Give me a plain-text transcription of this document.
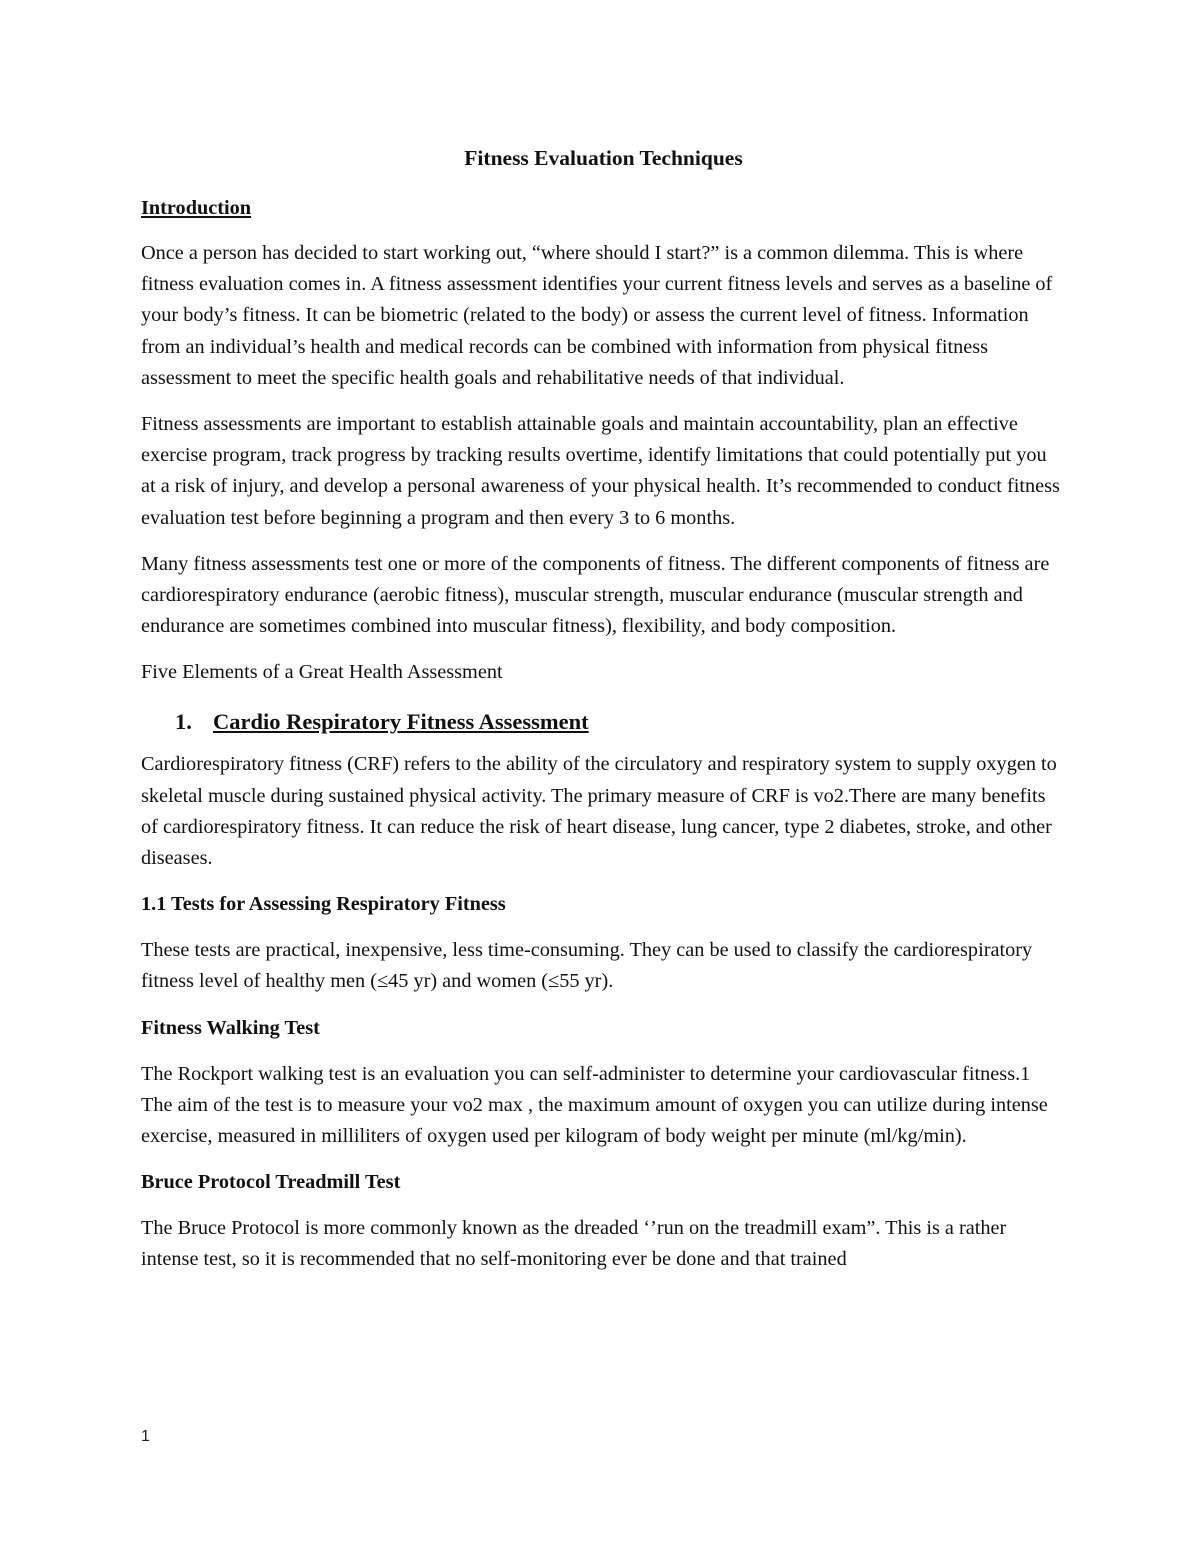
Fitness Evaluation Techniques
Introduction

Once a person has decided to start working out, “where should I start?” is a common dilemma. This is where fitness evaluation comes in. A fitness assessment identifies your current fitness levels and serves as a baseline of your body’s fitness. It can be biometric (related to the body) or assess the current level of fitness. Information from an individual’s health and medical records can be combined with information from physical fitness assessment to meet the specific health goals and rehabilitative needs of that individual.

Fitness assessments are important to establish attainable goals and maintain accountability, plan an effective exercise program, track progress by tracking results overtime, identify limitations that could potentially put you at a risk of injury, and develop a personal awareness of your physical health. It’s recommended to conduct fitness evaluation test before beginning a program and then every 3 to 6 months.

Many fitness assessments test one or more of the components of fitness. The different components of fitness are cardiorespiratory endurance (aerobic fitness), muscular strength, muscular endurance (muscular strength and endurance are sometimes combined into muscular fitness), flexibility, and body composition.

Five Elements of a Great Health Assessment
1. Cardio Respiratory Fitness Assessment

Cardiorespiratory fitness (CRF) refers to the ability of the circulatory and respiratory system to supply oxygen to skeletal muscle during sustained physical activity. The primary measure of CRF is vo2.There are many benefits of cardiorespiratory fitness. It can reduce the risk of heart disease, lung cancer, type 2 diabetes, stroke, and other diseases.

1.1 Tests for Assessing Respiratory Fitness

These tests are practical, inexpensive, less time-consuming. They can be used to classify the cardiorespiratory fitness level of healthy men (≤45 yr) and women (≤55 yr).

Fitness Walking Test

The Rockport walking test is an evaluation you can self-administer to determine your cardiovascular fitness.1 The aim of the test is to measure your vo2 max , the maximum amount of oxygen you can utilize during intense exercise, measured in milliliters of oxygen used per kilogram of body weight per minute (ml/kg/min).

Bruce Protocol Treadmill Test

The Bruce Protocol is more commonly known as the dreaded ‘’run on the treadmill exam”. This is a rather intense test, so it is recommended that no self-monitoring ever be done and that trained

1
